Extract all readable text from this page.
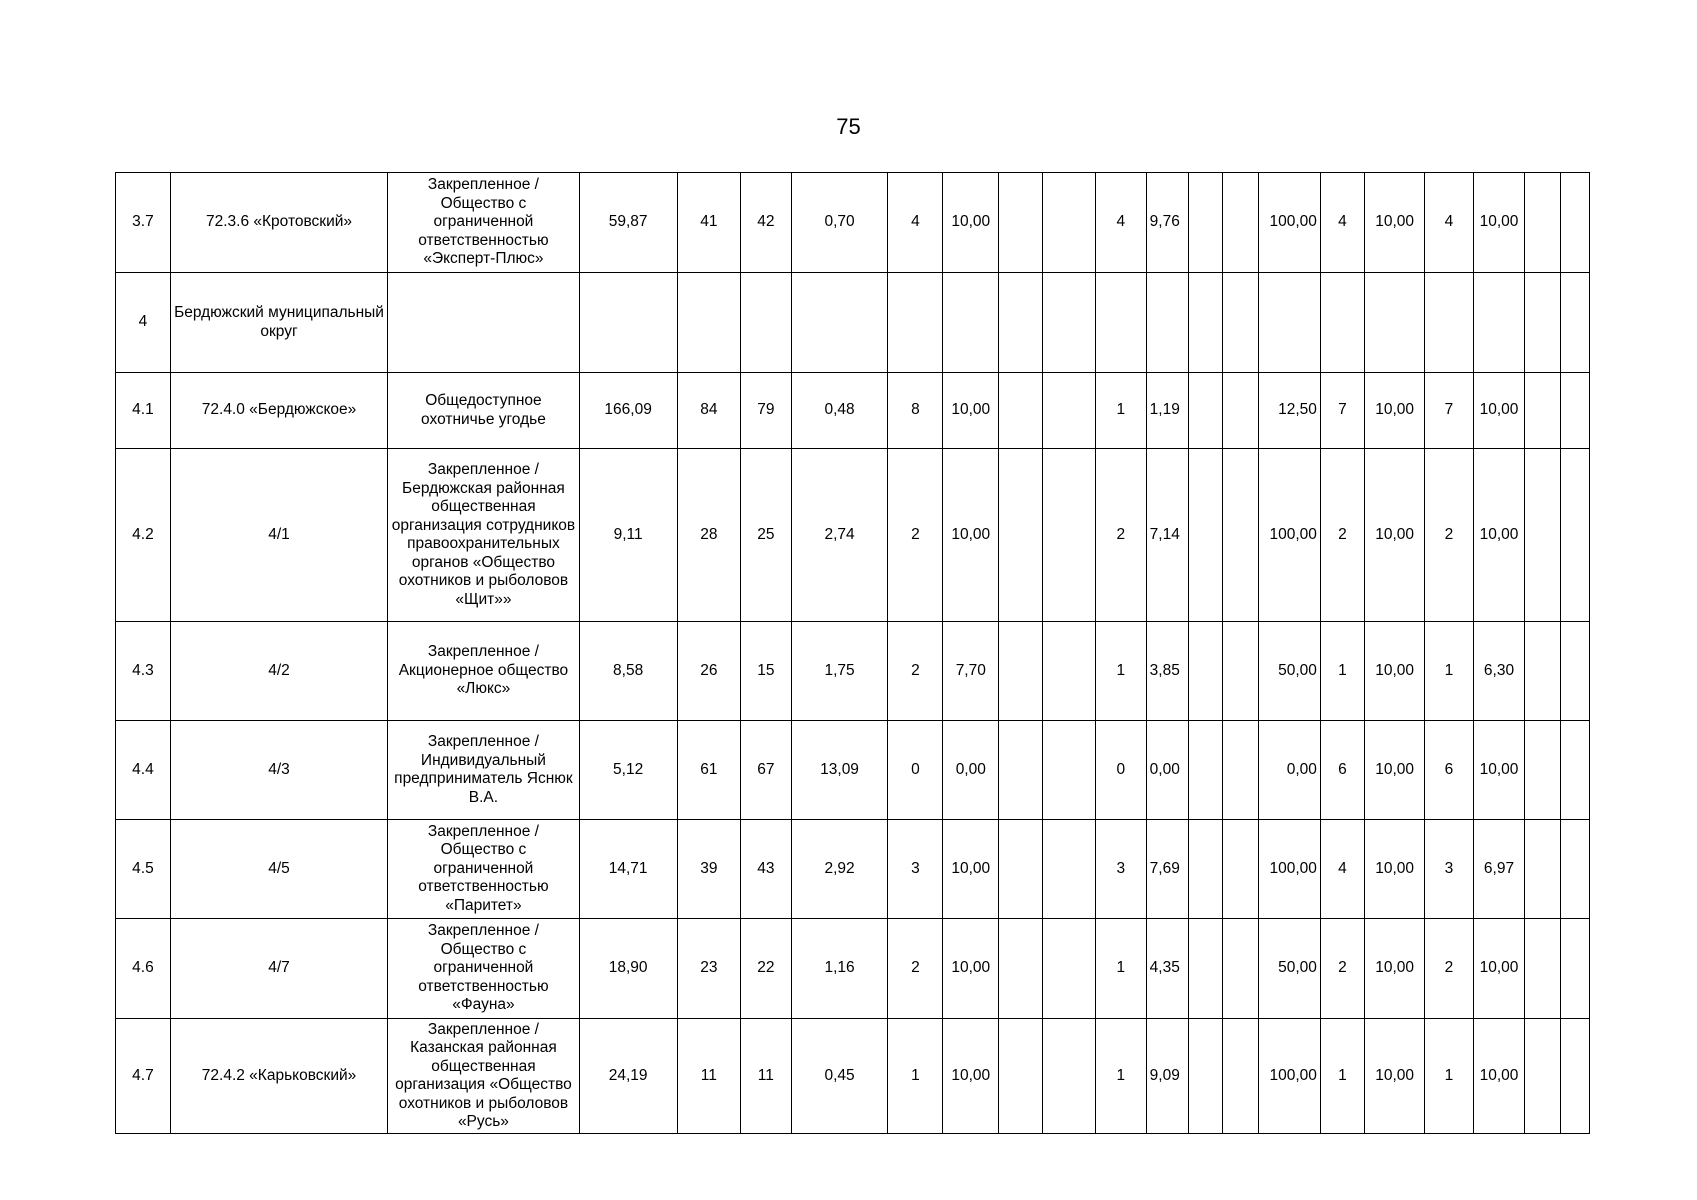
75
3.7	72.3.6 «Кротовский»	Закрепленное / Общество с ограниченной ответственностью «Эксперт-Плюс»	59,87	41	42	0,70	4	10,00			4	9,76			100,00	4	10,00	4	10,00		
4	Бердюжский муниципальный округ																				
4.1	72.4.0 «Бердюжское»	Общедоступное охотничье угодье	166,09	84	79	0,48	8	10,00			1	1,19			12,50	7	10,00	7	10,00		
4.2	4/1	Закрепленное / Бердюжская районная общественная организация сотрудников правоохранительных органов «Общество охотников и рыболовов «Щит»»	9,11	28	25	2,74	2	10,00			2	7,14			100,00	2	10,00	2	10,00		
4.3	4/2	Закрепленное / Акционерное общество «Люкс»	8,58	26	15	1,75	2	7,70			1	3,85			50,00	1	10,00	1	6,30		
4.4	4/3	Закрепленное / Индивидуальный предприниматель Яснюк В.А.	5,12	61	67	13,09	0	0,00			0	0,00			0,00	6	10,00	6	10,00		
4.5	4/5	Закрепленное / Общество с ограниченной ответственностью «Паритет»	14,71	39	43	2,92	3	10,00			3	7,69			100,00	4	10,00	3	6,97		
4.6	4/7	Закрепленное / Общество с ограниченной ответственностью «Фауна»	18,90	23	22	1,16	2	10,00			1	4,35			50,00	2	10,00	2	10,00		
4.7	72.4.2 «Карьковский»	Закрепленное / Казанская районная общественная организация «Общество охотников и рыболовов «Русь»	24,19	11	11	0,45	1	10,00			1	9,09			100,00	1	10,00	1	10,00		
